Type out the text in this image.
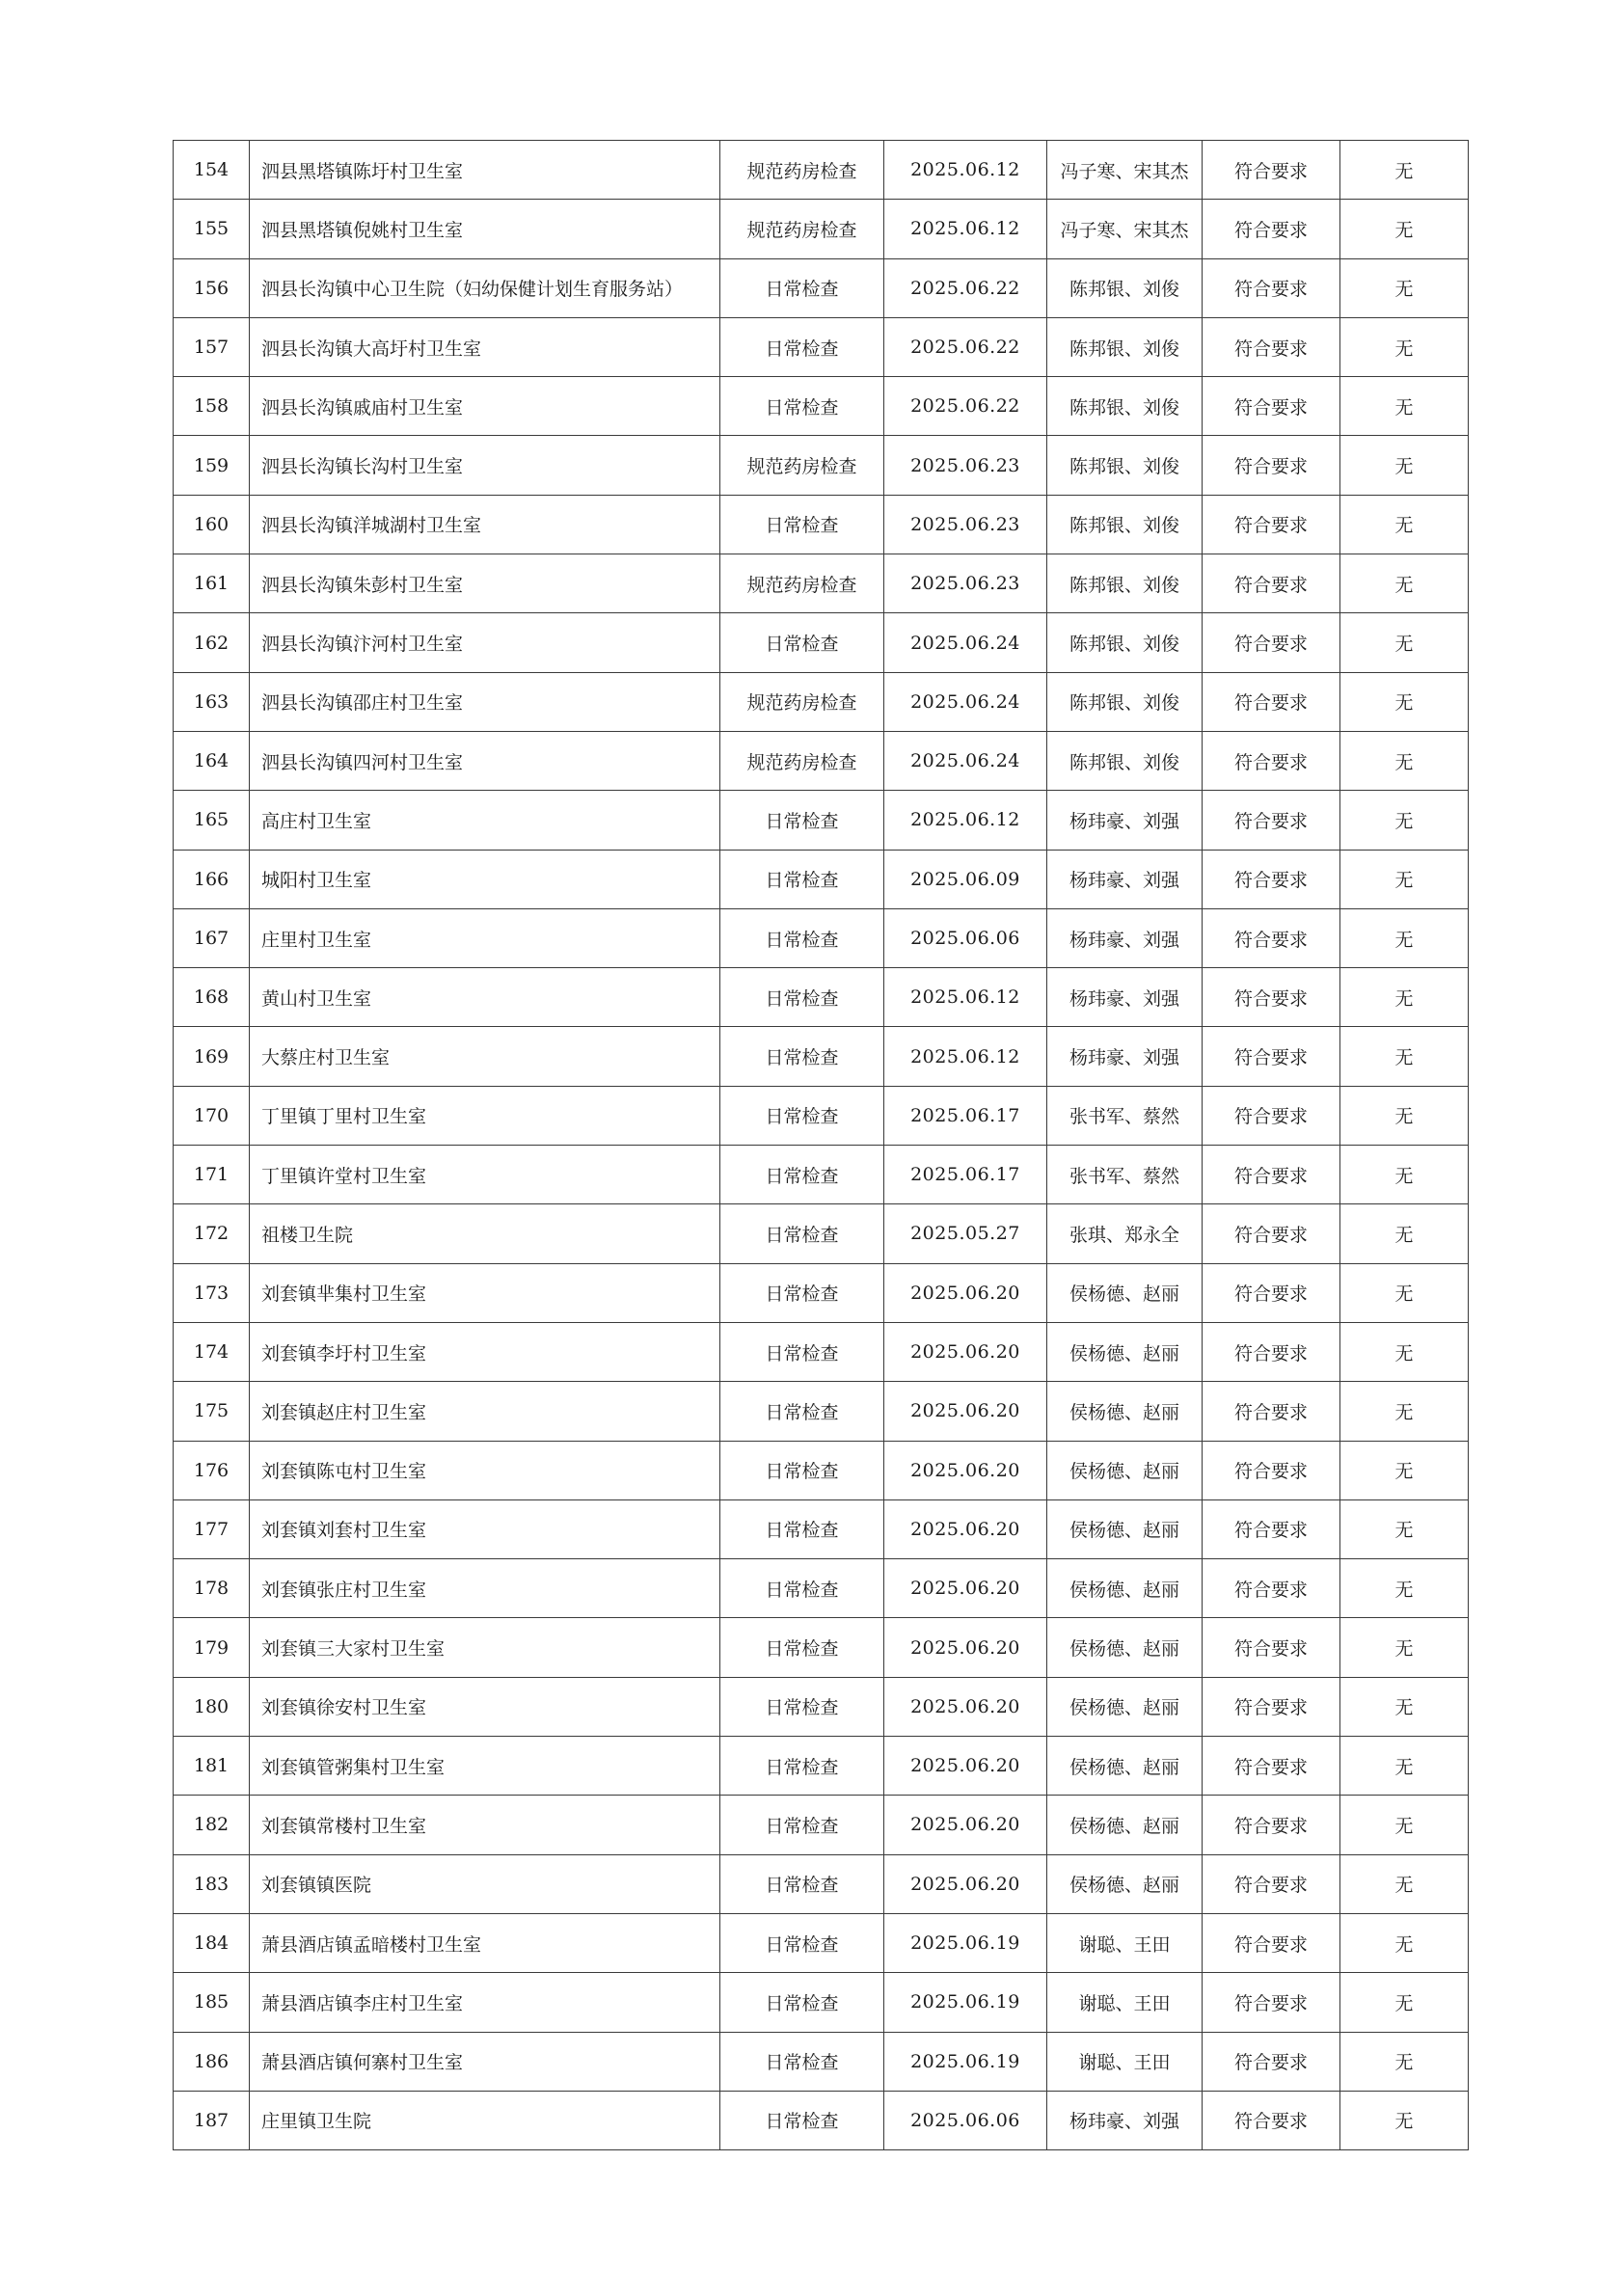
154	泗县黑塔镇陈圩村卫生室	规范药房检查	2025.06.12	冯子寒、宋其杰	符合要求	无
155	泗县黑塔镇倪姚村卫生室	规范药房检查	2025.06.12	冯子寒、宋其杰	符合要求	无
156	泗县长沟镇中心卫生院（妇幼保健计划生育服务站）	日常检查	2025.06.22	陈邦银、刘俊	符合要求	无
157	泗县长沟镇大高圩村卫生室	日常检查	2025.06.22	陈邦银、刘俊	符合要求	无
158	泗县长沟镇戚庙村卫生室	日常检查	2025.06.22	陈邦银、刘俊	符合要求	无
159	泗县长沟镇长沟村卫生室	规范药房检查	2025.06.23	陈邦银、刘俊	符合要求	无
160	泗县长沟镇洋城湖村卫生室	日常检查	2025.06.23	陈邦银、刘俊	符合要求	无
161	泗县长沟镇朱彭村卫生室	规范药房检查	2025.06.23	陈邦银、刘俊	符合要求	无
162	泗县长沟镇汴河村卫生室	日常检查	2025.06.24	陈邦银、刘俊	符合要求	无
163	泗县长沟镇邵庄村卫生室	规范药房检查	2025.06.24	陈邦银、刘俊	符合要求	无
164	泗县长沟镇四河村卫生室	规范药房检查	2025.06.24	陈邦银、刘俊	符合要求	无
165	高庄村卫生室	日常检查	2025.06.12	杨玮豪、刘强	符合要求	无
166	城阳村卫生室	日常检查	2025.06.09	杨玮豪、刘强	符合要求	无
167	庄里村卫生室	日常检查	2025.06.06	杨玮豪、刘强	符合要求	无
168	黄山村卫生室	日常检查	2025.06.12	杨玮豪、刘强	符合要求	无
169	大蔡庄村卫生室	日常检查	2025.06.12	杨玮豪、刘强	符合要求	无
170	丁里镇丁里村卫生室	日常检查	2025.06.17	张书军、蔡然	符合要求	无
171	丁里镇许堂村卫生室	日常检查	2025.06.17	张书军、蔡然	符合要求	无
172	祖楼卫生院	日常检查	2025.05.27	张琪、郑永全	符合要求	无
173	刘套镇芈集村卫生室	日常检查	2025.06.20	侯杨德、赵丽	符合要求	无
174	刘套镇李圩村卫生室	日常检查	2025.06.20	侯杨德、赵丽	符合要求	无
175	刘套镇赵庄村卫生室	日常检查	2025.06.20	侯杨德、赵丽	符合要求	无
176	刘套镇陈屯村卫生室	日常检查	2025.06.20	侯杨德、赵丽	符合要求	无
177	刘套镇刘套村卫生室	日常检查	2025.06.20	侯杨德、赵丽	符合要求	无
178	刘套镇张庄村卫生室	日常检查	2025.06.20	侯杨德、赵丽	符合要求	无
179	刘套镇三大家村卫生室	日常检查	2025.06.20	侯杨德、赵丽	符合要求	无
180	刘套镇徐安村卫生室	日常检查	2025.06.20	侯杨德、赵丽	符合要求	无
181	刘套镇管粥集村卫生室	日常检查	2025.06.20	侯杨德、赵丽	符合要求	无
182	刘套镇常楼村卫生室	日常检查	2025.06.20	侯杨德、赵丽	符合要求	无
183	刘套镇镇医院	日常检查	2025.06.20	侯杨德、赵丽	符合要求	无
184	萧县酒店镇孟暗楼村卫生室	日常检查	2025.06.19	谢聪、王田	符合要求	无
185	萧县酒店镇李庄村卫生室	日常检查	2025.06.19	谢聪、王田	符合要求	无
186	萧县酒店镇何寨村卫生室	日常检查	2025.06.19	谢聪、王田	符合要求	无
187	庄里镇卫生院	日常检查	2025.06.06	杨玮豪、刘强	符合要求	无
